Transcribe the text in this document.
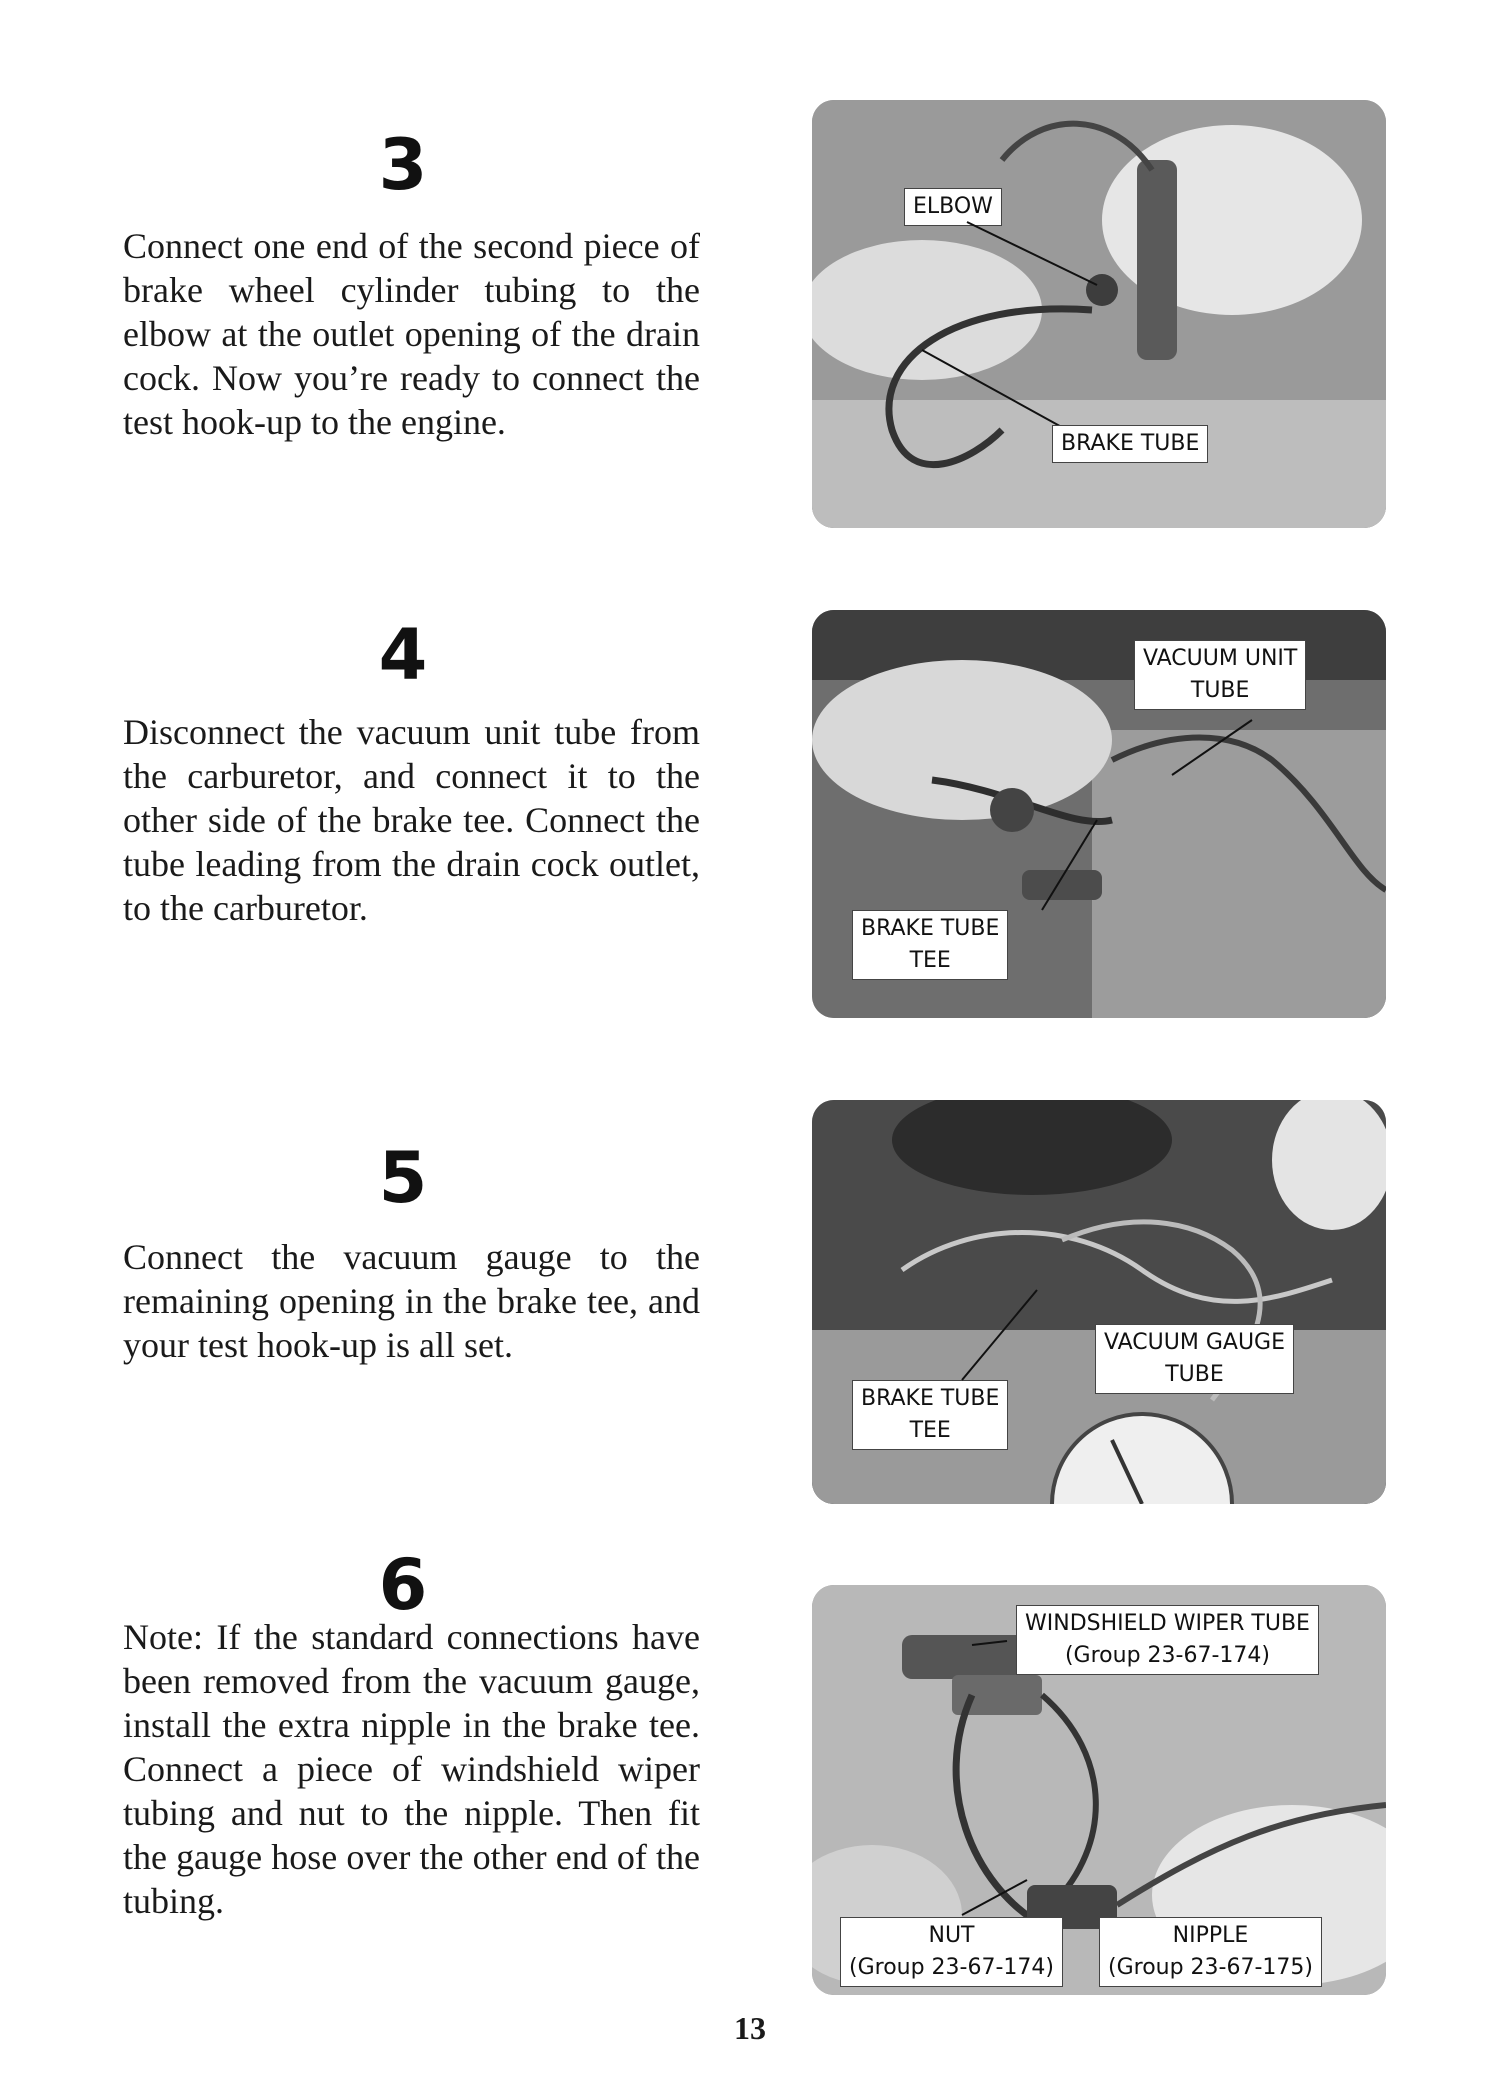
3

Connect one end of the second piece of brake wheel cylinder tubing to the elbow at the outlet opening of the drain cock. Now you’re ready to connect the test hook-up to the engine.

ELBOW
BRAKE TUBE
4

Disconnect the vacuum unit tube from the carburetor, and connect it to the other side of the brake tee. Connect the tube leading from the drain cock outlet, to the carburetor.

VACUUM UNIT
TUBE
BRAKE TUBE
TEE
5

Connect the vacuum gauge to the remaining opening in the brake tee, and your test hook-up is all set.	VACUUM GAUGE
TUBE
BRAKE TUBE
TEE
6

Note: If the standard connections have been removed from the vacuum gauge, install the extra nipple in the brake tee. Connect a piece of windshield wiper tubing and nut to the nipple. Then fit the gauge hose over the other end of the tubing.

WINDSHIELD WIPER TUBE
(Group 23-67-174)
NUT
(Group 23-67-174)
NIPPLE
(Group 23-67-175)
13
